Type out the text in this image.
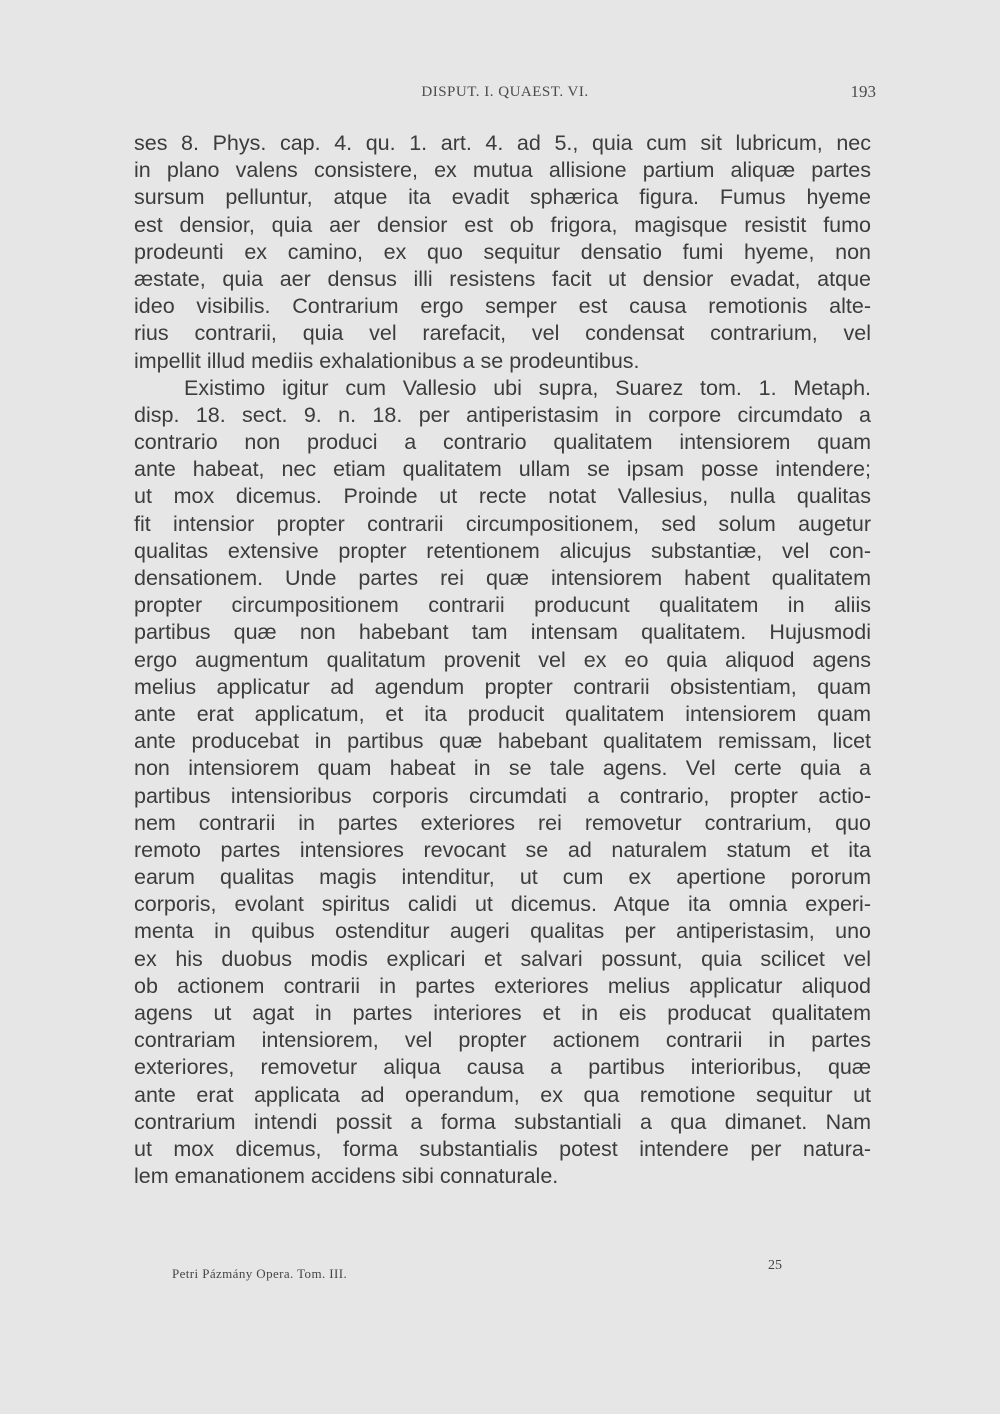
DISPUT. I. QUAEST. VI.	193
ses 8. Phys. cap. 4. qu. 1. art. 4. ad 5., quia cum sit lubricum, nec
in plano valens consistere, ex mutua allisione partium aliquæ partes
sursum pelluntur, atque ita evadit sphærica figura. Fumus hyeme
est densior, quia aer densior est ob frigora, magisque resistit fumo
prodeunti ex camino, ex quo sequitur densatio fumi hyeme, non
æstate, quia aer densus illi resistens facit ut densior evadat, atque
ideo visibilis. Contrarium ergo semper est causa remotionis alte-
rius contrarii, quia vel rarefacit, vel condensat contrarium, vel
impellit illud mediis exhalationibus a se prodeuntibus.
Existimo igitur cum Vallesio ubi supra, Suarez tom. 1. Metaph.
disp. 18. sect. 9. n. 18. per antiperistasim in corpore circumdato a
contrario non produci a contrario qualitatem intensiorem quam
ante habeat, nec etiam qualitatem ullam se ipsam posse intendere;
ut mox dicemus. Proinde ut recte notat Vallesius, nulla qualitas
fit intensior propter contrarii circumpositionem, sed solum augetur
qualitas extensive propter retentionem alicujus substantiæ, vel con-
densationem. Unde partes rei quæ intensiorem habent qualitatem
propter circumpositionem contrarii producunt qualitatem in aliis
partibus quæ non habebant tam intensam qualitatem. Hujusmodi
ergo augmentum qualitatum provenit vel ex eo quia aliquod agens
melius applicatur ad agendum propter contrarii obsistentiam, quam
ante erat applicatum, et ita producit qualitatem intensiorem quam
ante producebat in partibus quæ habebant qualitatem remissam, licet
non intensiorem quam habeat in se tale agens. Vel certe quia a
partibus intensioribus corporis circumdati a contrario, propter actio-
nem contrarii in partes exteriores rei removetur contrarium, quo
remoto partes intensiores revocant se ad naturalem statum et ita
earum qualitas magis intenditur, ut cum ex apertione pororum
corporis, evolant spiritus calidi ut dicemus. Atque ita omnia experi-
menta in quibus ostenditur augeri qualitas per antiperistasim, uno
ex his duobus modis explicari et salvari possunt, quia scilicet vel
ob actionem contrarii in partes exteriores melius applicatur aliquod
agens ut agat in partes interiores et in eis producat qualitatem
contrariam intensiorem, vel propter actionem contrarii in partes
exteriores, removetur aliqua causa a partibus interioribus, quæ
ante erat applicata ad operandum, ex qua remotione sequitur ut
contrarium intendi possit a forma substantiali a qua dimanet. Nam
ut mox dicemus, forma substantialis potest intendere per natura-
lem emanationem accidens sibi connaturale.
Petri Pázmány Opera. Tom. III.
25
